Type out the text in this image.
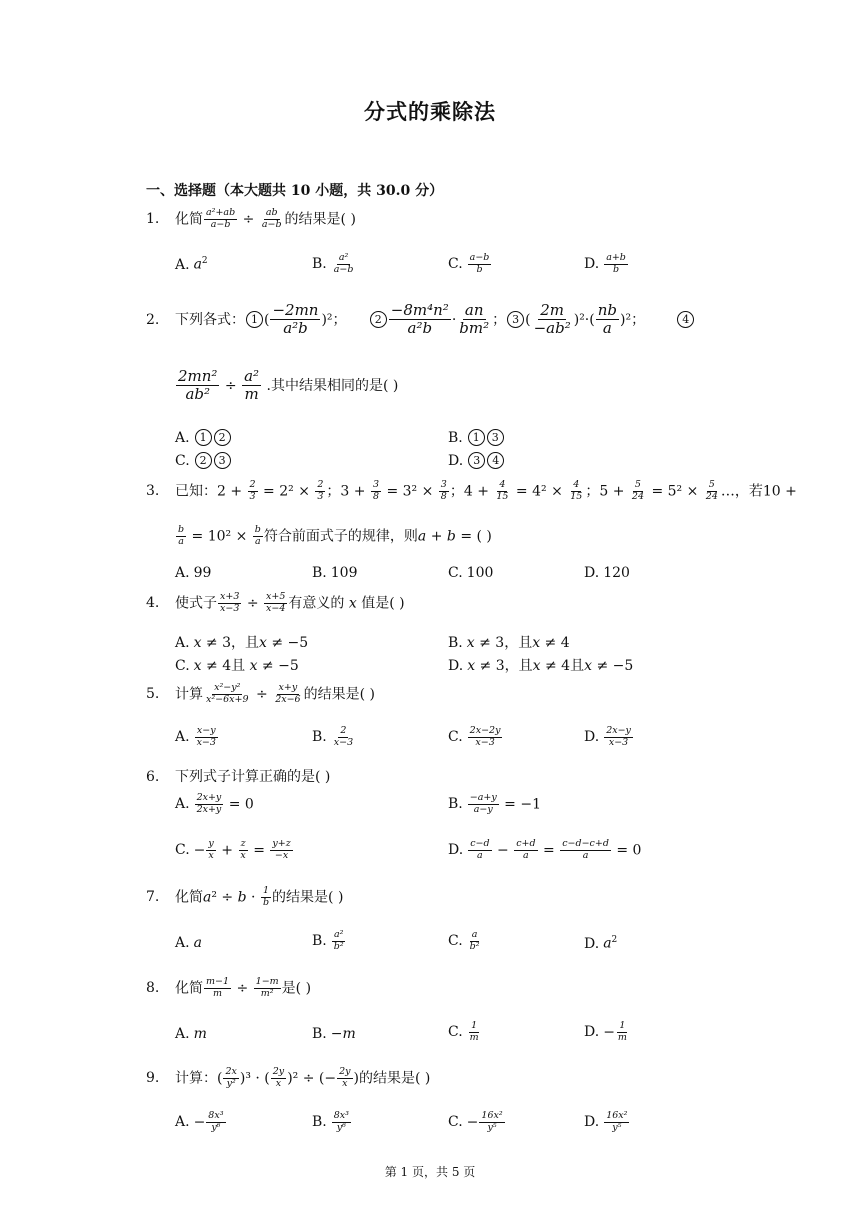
分式的乘除法
一、选择题（本大题共 10 小题，共 30.0 分）
1. 化简 $\frac{\text{a²+ab}}{a-b} \div \frac{ab}{a-b}$ 的结果是( )
A. $a^2$	B. $\frac{\text{a²}}{a-b}$	C. $\frac{a-b}{b}$	D. $\frac{a+b}{b}$
2. 下列各式： 1 ( $\frac{-2mn}{\text{a²b}} )^2$；     $2 \frac{\text{−8m⁴n²}}{\text{a²b}} \cdot \frac{an}{\text{bm²}}$ ； 3 ( $\frac{2m}{\text{−ab²}} )^2\cdot( \frac{nb}{a} )^2$；       4
$\frac{\text{2mn²}}{\text{ab²}} \div \frac{\text{a²}}{m}$ .其中结果相同的是( )
A. 1 2	B. 1 3
C. 2 3	D. 3 4
3. 已知：$2 + \frac{2}{3} = 2^2 \times \frac{2}{3}$ ；$3 + \frac{3}{8} = 3^2 \times \frac{3}{8}$ ；$4 + \frac{4}{15} = 4^2 \times \frac{4}{15}$ ；$5 + \frac{5}{24} = 5^2 \times \frac{5}{24}$ …，若10 +
$\frac{b}{a} = 10^2 \times \frac{b}{a}$ 符合前面式子的规律，则a + b = ( )
A. 99	B. 109	C. 100	D. 120
4. 使式子 $\frac{x+3}{x-3} \div \frac{x+5}{x-4}$ 有意义的 x 值是( )
A. x ≠ 3，且x ≠ −5	B. x ≠ 3，且x ≠ 4
C. x ≠ 4且 x ≠ −5	D. x ≠ 3，且x ≠ 4且x ≠ −5
5. 计算 $\frac{\text{x²−y²}}{\text{x²−6x+9}} \div \frac{x+y}{2x-6}$ 的结果是( )
A. $\frac{x-y}{x-3}$	B. $\frac{2}{x-3}$	C. $\frac{2x-2y}{x-3}$	D. $\frac{2x-y}{x-3}$
6. 下列式子计算正确的是( )
A. $\frac{2x+y}{2x+y} = 0$	B. $\frac{-a+y}{a-y} = -1$
C. − $\frac{y}{x} + \frac{z}{x} = \frac{y+z}{-x}$	D. $\frac{c-d}{a} - \frac{c+d}{a} = \frac{c-d-c+d}{a} = 0$
7. 化简$a^2 \div b \cdot \frac{1}{b}$ 的结果是( )
A. a	B. $\frac{\text{a²}}{\text{b²}}$	C. $\frac{a}{\text{b²}}$	D. $a^2$
8. 化简 $\frac{m-1}{m} \div \frac{1-m}{\text{m²}}$ 是( )
A. m	B. −m	C. $\frac{1}{m}$	D. − $\frac{1}{m}$
9. 计算：( $\frac{2x}{\text{y²}} )^3$ · ( $\frac{2y}{x} )^2$ ÷ (− $\frac{2y}{x}$ )的结果是( )
A. − $\frac{\text{8x³}}{\text{y⁶}}$	B. $\frac{\text{8x³}}{\text{y⁶}}$	C. − $\frac{\text{16x²}}{\text{y⁵}}$	D. $\frac{\text{16x²}}{\text{y⁵}}$
第 1 页，共 5 页
